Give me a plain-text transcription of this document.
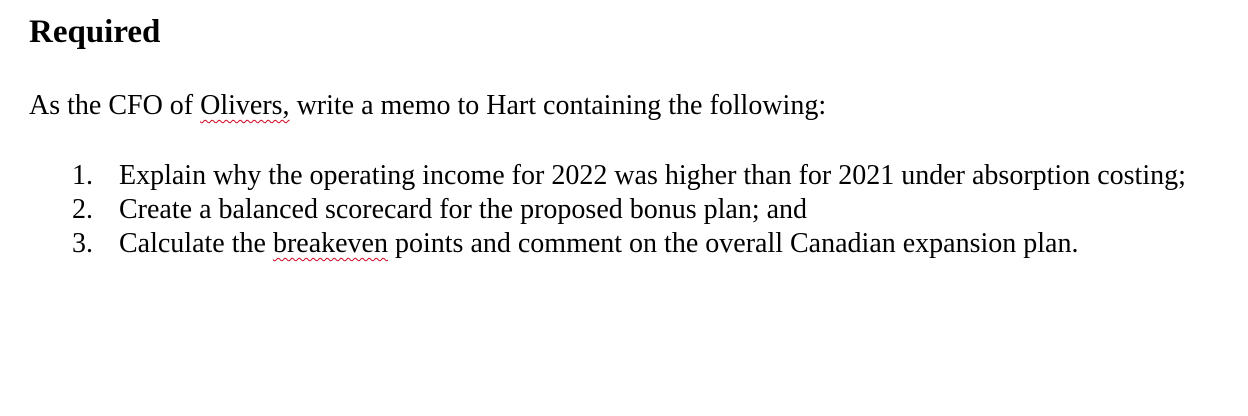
Required

As the CFO of Olivers, write a memo to Hart containing the following:

1. Explain why the operating income for 2022 was higher than for 2021 under absorption costing;
2. Create a balanced scorecard for the proposed bonus plan; and
3. Calculate the breakeven points and comment on the overall Canadian expansion plan.
